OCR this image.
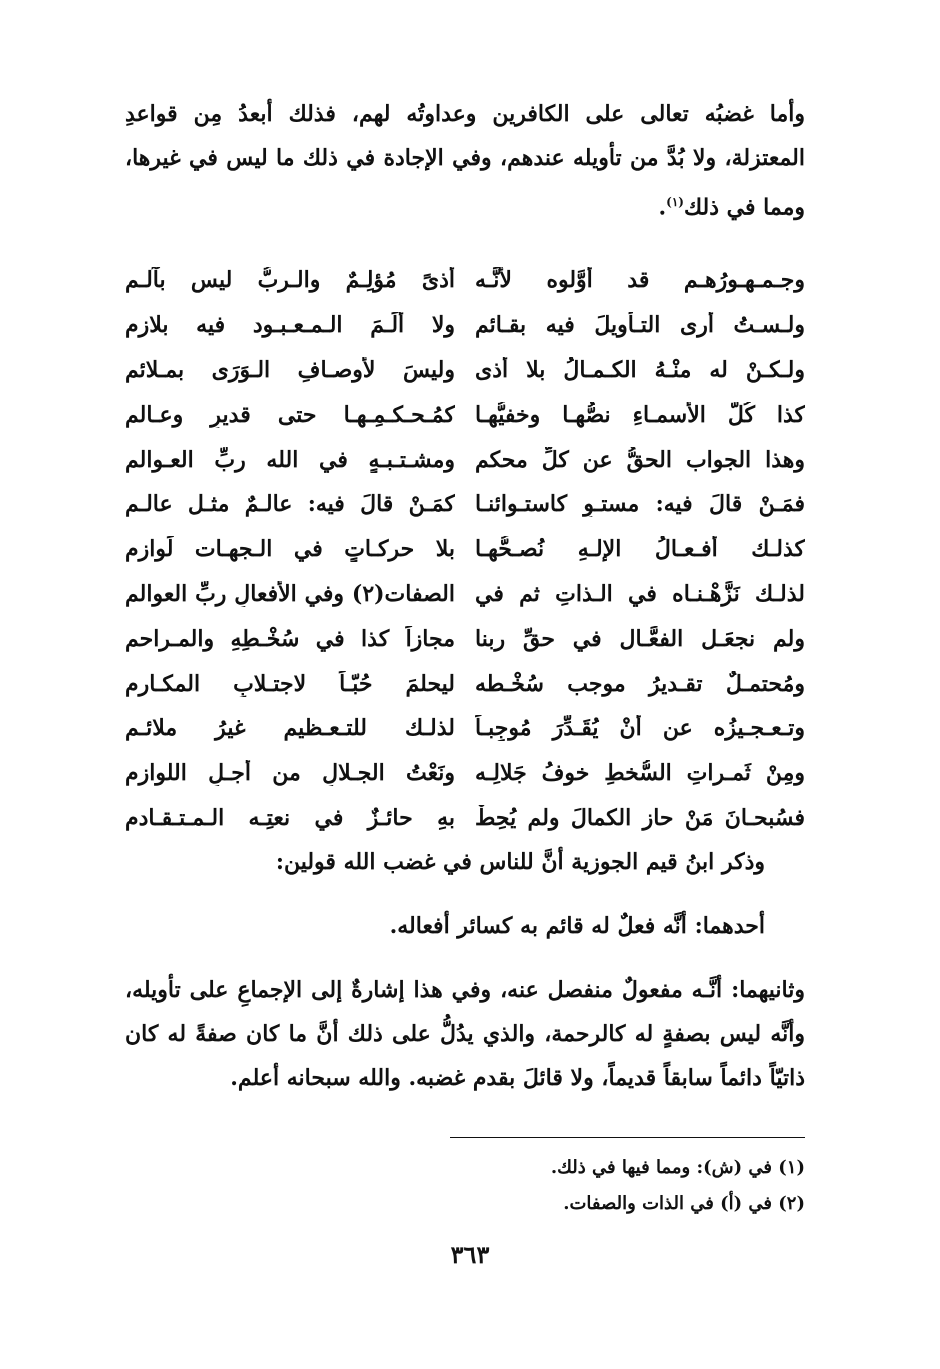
وأما غضبُه تعالى على الكافرين وعداوتُه لهم، فذلك أبعدُ مِن قواعدِ المعتزلة، ولا بُدَّ من تأويله عندهم، وفي الإجادة في ذلك ما ليس في غيرها، ومما في ذلك$^{(١)}$.
وجـمـهـورُهـم قد أوَّلوه لأنَّـه
أذىً مُؤلِـمٌ والـربُّ ليس بآلـمِ
ولـسـتُ أرى التـأويلَ فيه بقـائمٍ
ولا ألَـمَ الـمـعـبـود فيه بلازمِ
ولـكـنْ له منْـهُ الكـمـالُ بلا أذى
وليسَ لأوصـافِ الـوَرَى بمـلائمِ
كذا كُلُّ الأسمـاءِ نصُّهـا وخفيُّهـا
كمُـحـكـمِـهـا حتى قديرٍ وعـالمِ
وهذا الجواب الحقُّ عن كلِّ محكمٍ
ومشـتـبـهٍ في الله ربِّ العـوالمِ
فمَـنْ قالَ فيه: مستـوٍ كاستـوائنـا
كمَـنْ قالَ فيه: عالـمٌ مثـل عالـمِ
كذلـك أفـعـالُ الإلـهِ نُصـحُّهـا
بلا حركـاتٍ في الـجهـات لَوازمِ
لذلـك نَزَّهْـنـاه في الـذاتِ ثم في
الصفات(٢) وفي الأفعالِ ربِّ العوالمِ
ولم نجعَـل الفعَّـال في حقِّ ربنا
مجازاً كذا في سُخْـطِهِ والمـراحمِ
ومُحتمـلٌ تقـديرُ موجب سُخْـطه
ليحلمَ حُبّـاً لاجتـلابِ المكـارمِ
وتـعـجـيزُه عن أنْ يُقَـدِّرَ مُوجِبـاً
لذلـك للتـعـظيمِ غيرُ ملائـمِ
ومِنْ ثَمـراتِ السُّخطِ خوفُ جَلالِـه
ونَعْتُ الجـلالِ من أجـلِ اللوازمِ
فسُبحـانَ مَنْ حاز الكمالَ ولم يُحِطْ
بهِ حائـزٌ في نعتِـه الـمـتـقـادمِ
وذكر ابنُ قيم الجوزية أنَّ للناس في غضب الله قولين:
أحدهما: أنَّه فعلٌ له قائم به كسائر أفعاله.
وثانيهما: أنَّـه مفعولٌ منفصل عنه، وفي هذا إشارةٌ إلى الإجماعِ على تأويله، وأنَّه ليس بصفةٍ له كالرحمة، والذي يدُلُّ على ذلك أنَّ ما كان صفةً له كان ذاتيّاً دائماً سابقاً قديماً، ولا قائلَ بقدم غضبه. والله سبحانه أعلم.
(١) في (ش): ومما فيها في ذلك.
(٢) في (أ) في الذات والصفات.
٣٦٣
